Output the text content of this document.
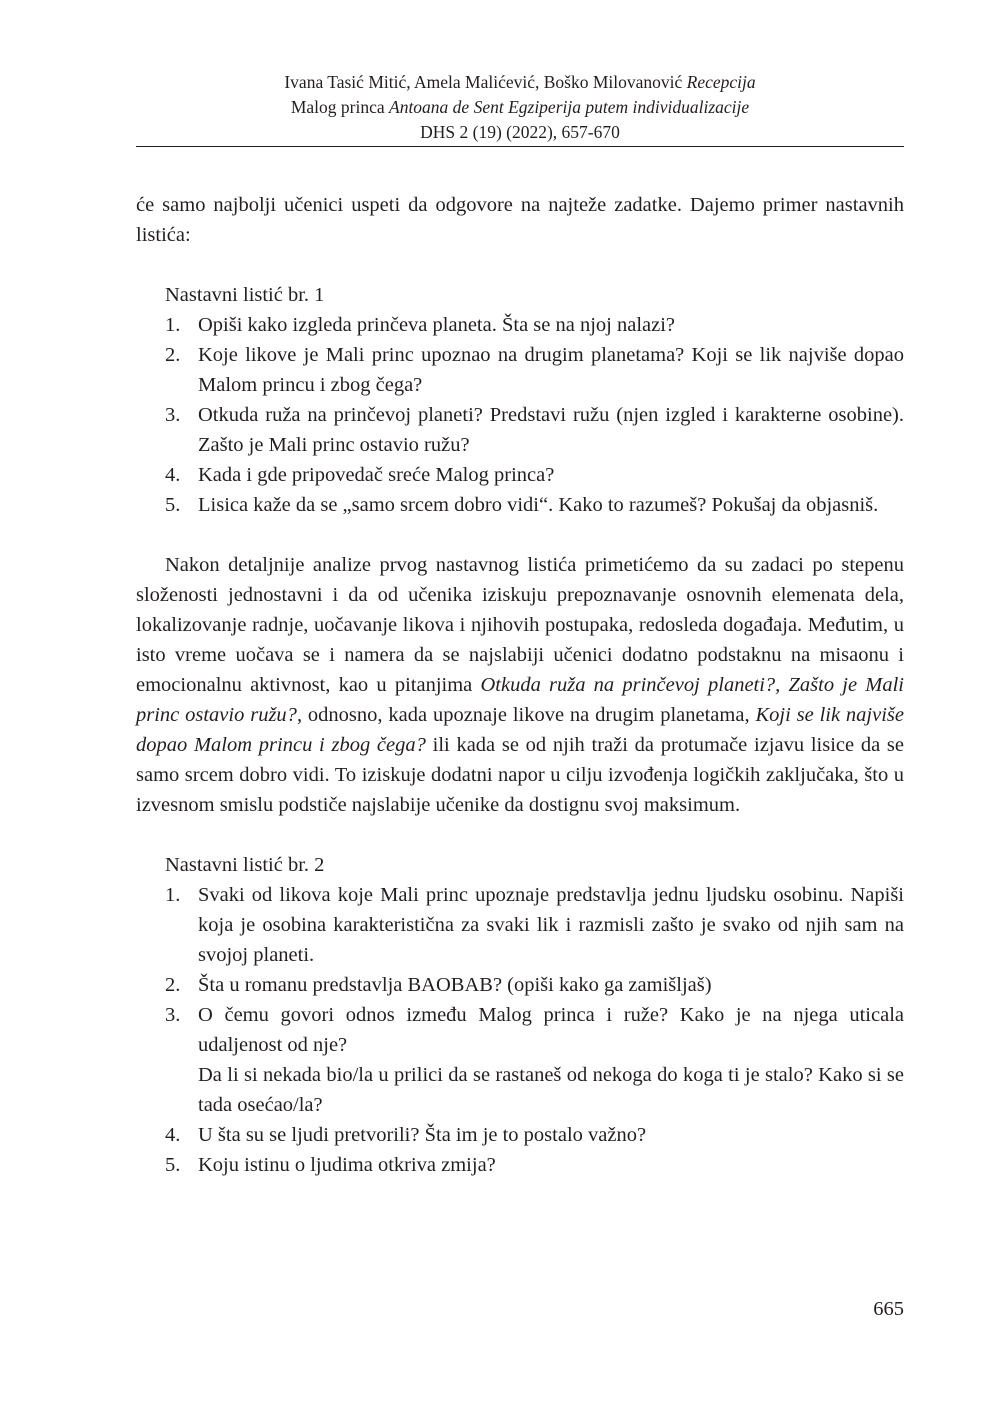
Ivana Tasić Mitić, Amela Malićević, Boško Milovanović Recepcija
Malog princa Antoana de Sent Egziperija putem individualizacije
DHS 2 (19) (2022), 657-670

će samo najbolji učenici uspeti da odgovore na najteže zadatke. Dajemo primer nastavnih listića:

Nastavni listić br. 1
1. Opiši kako izgleda prinčeva planeta. Šta se na njoj nalazi?
2. Koje likove je Mali princ upoznao na drugim planetama? Koji se lik najviše dopao Malom princu i zbog čega?
3. Otkuda ruža na prinčevoj planeti? Predstavi ružu (njen izgled i karakterne osobine). Zašto je Mali princ ostavio ružu?
4. Kada i gde pripovedač sreće Malog princa?
5. Lisica kaže da se „samo srcem dobro vidi“. Kako to razumeš? Pokušaj da objasniš.

Nakon detaljnije analize prvog nastavnog listića primetićemo da su zadaci po stepenu složenosti jednostavni i da od učenika iziskuju prepoznavanje osnovnih elemenata dela, lokalizovanje radnje, uočavanje likova i njihovih postupaka, redosleda događaja. Međutim, u isto vreme uočava se i namera da se najslabiji učenici dodatno podstaknu na misaonu i emocionalnu aktivnost, kao u pitanjima Otkuda ruža na prinčevoj planeti?, Zašto je Mali princ ostavio ružu?, odnosno, kada upoznaje likove na drugim planetama, Koji se lik najviše dopao Malom princu i zbog čega? ili kada se od njih traži da protumače izjavu lisice da se samo srcem dobro vidi. To iziskuje dodatni napor u cilju izvođenja logičkih zaključaka, što u izvesnom smislu podstiče najslabije učenike da dostignu svoj maksimum.

Nastavni listić br. 2
1. Svaki od likova koje Mali princ upoznaje predstavlja jednu ljudsku osobinu. Napiši koja je osobina karakteristična za svaki lik i razmisli zašto je svako od njih sam na svojoj planeti.
2. Šta u romanu predstavlja BAOBAB? (opiši kako ga zamišljaš)
3. O čemu govori odnos između Malog princa i ruže? Kako je na njega uticala udaljenost od nje?
Da li si nekada bio/la u prilici da se rastaneš od nekoga do koga ti je stalo? Kako si se tada osećao/la?
4. U šta su se ljudi pretvorili? Šta im je to postalo važno?
5. Koju istinu o ljudima otkriva zmija?
665
